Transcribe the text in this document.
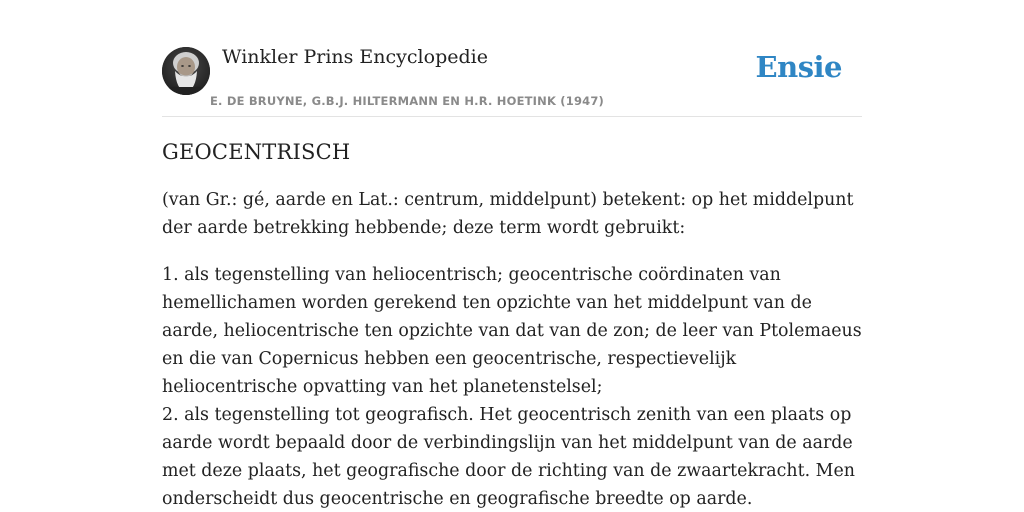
Winkler Prins Encyclopedie
E. DE BRUYNE, G.B.J. HILTERMANN EN H.R. HOETINK (1947)
Ensie
GEOCENTRISCH

(van Gr.: gé, aarde en Lat.: centrum, middelpunt) betekent: op het middelpunt der aarde betrekking hebbende; deze term wordt gebruikt:

1. als tegenstelling van heliocentrisch; geocentrische coördinaten van hemellichamen worden gerekend ten opzichte van het middelpunt van de aarde, heliocentrische ten opzichte van dat van de zon; de leer van Ptolemaeus en die van Copernicus hebben een geocentrische, respectievelijk heliocentrische opvatting van het planetenstelsel;
2. als tegenstelling tot geografisch. Het geocentrisch zenith van een plaats op aarde wordt bepaald door de verbindingslijn van het middelpunt van de aarde met deze plaats, het geografische door de richting van de zwaartekracht. Men onderscheidt dus geocentrische en geografische breedte op aarde.
